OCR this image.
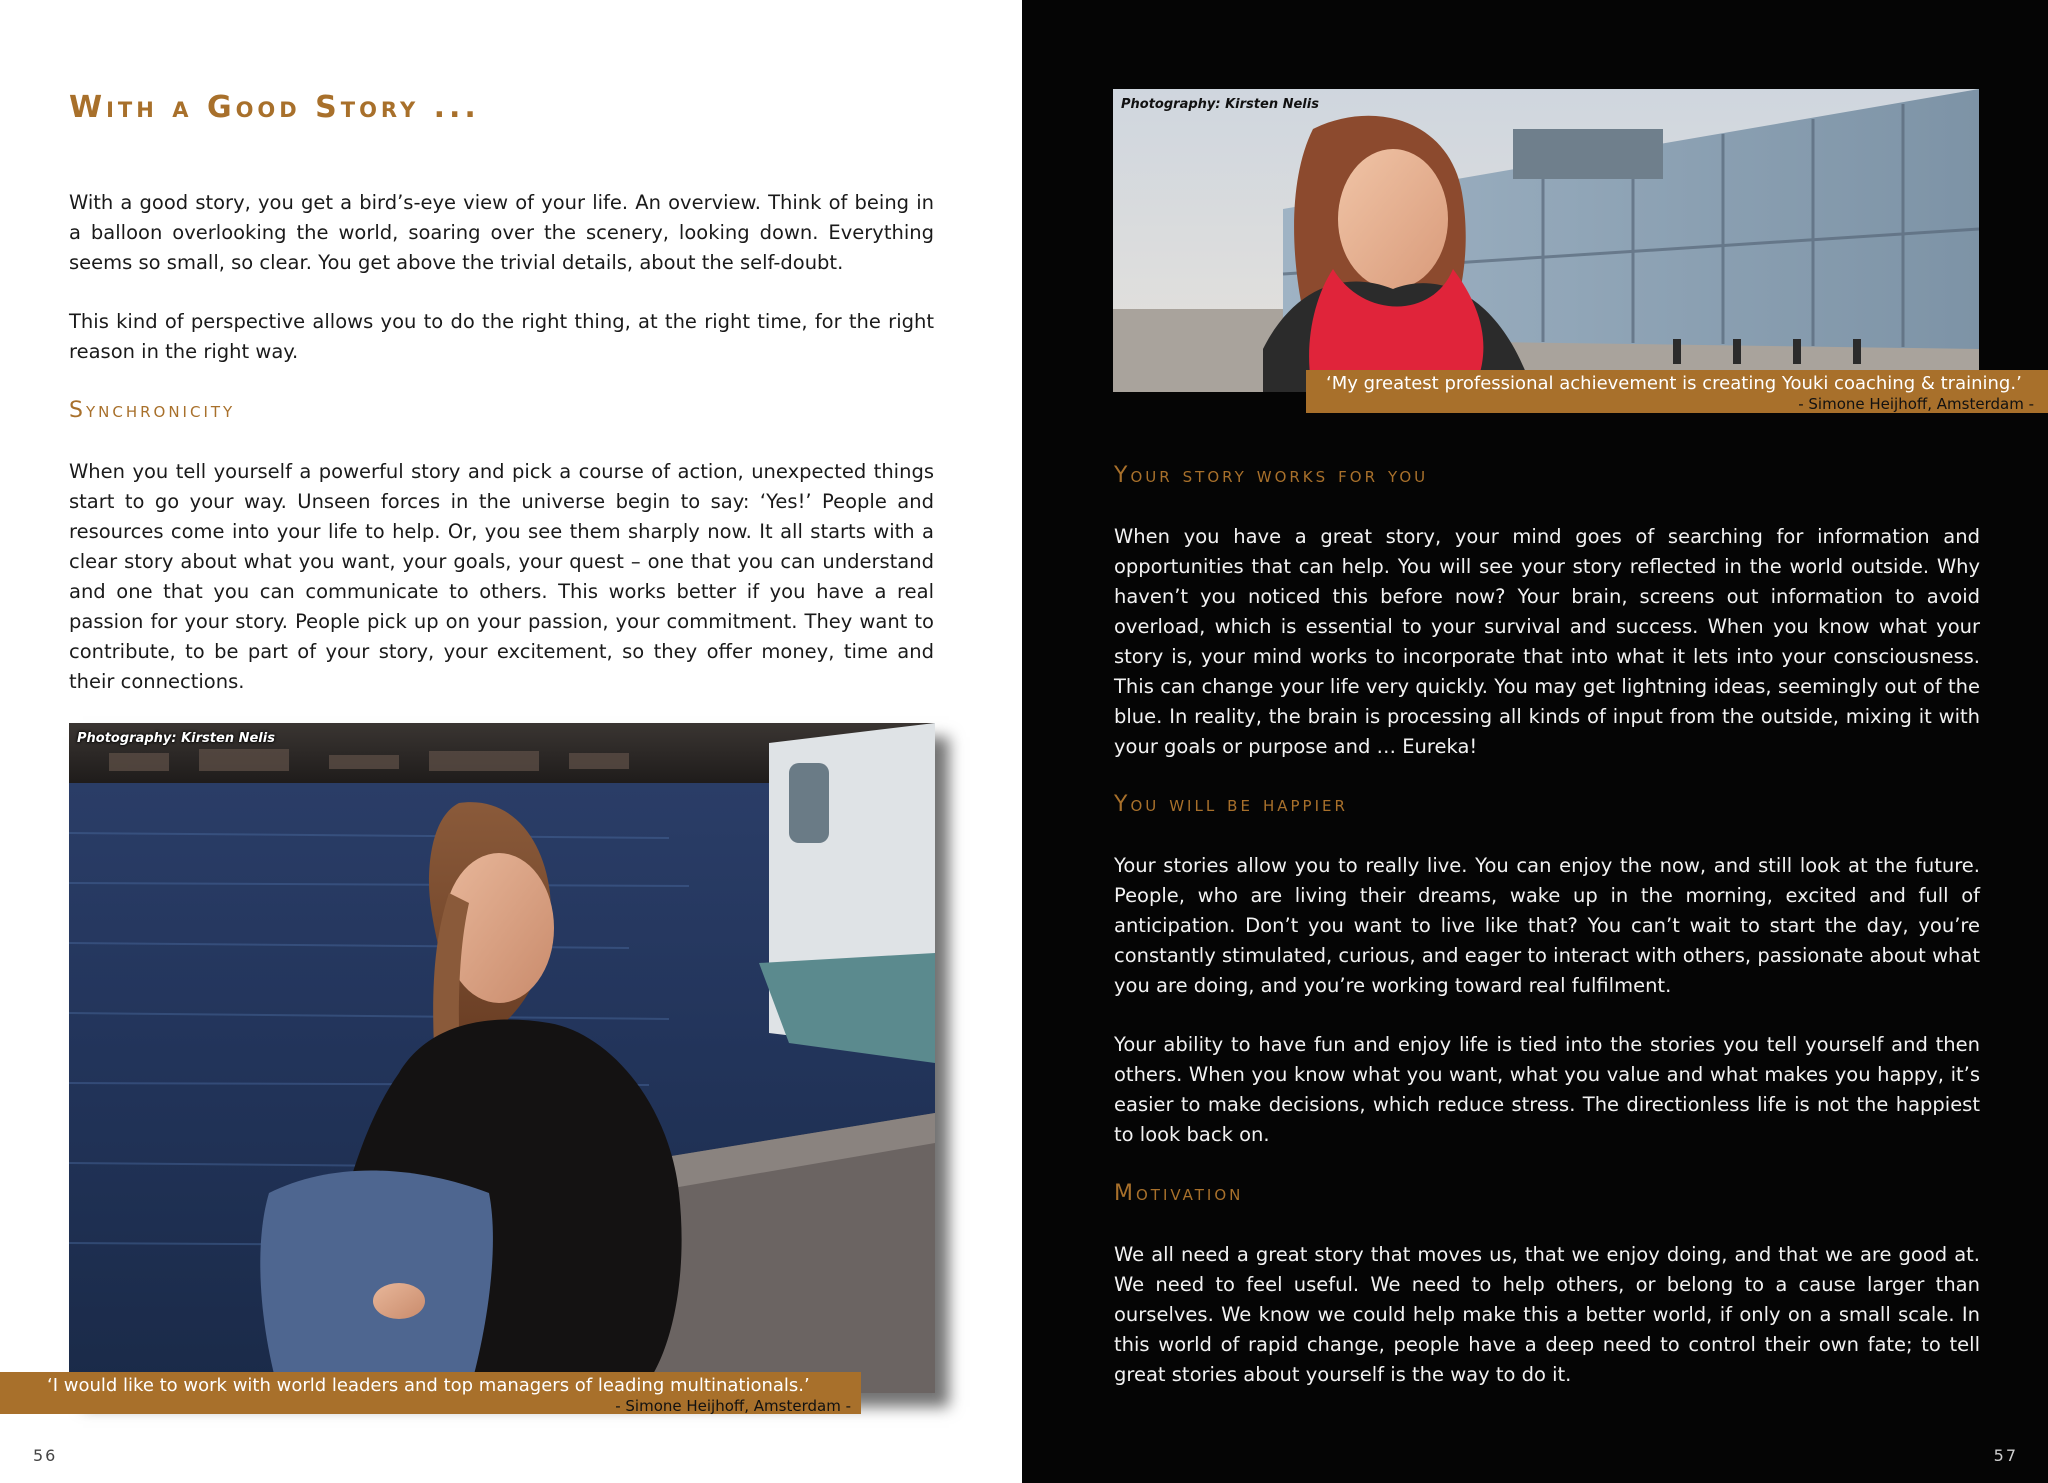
With a Good Story ...

With a good story, you get a bird’s-eye view of your life. An overview. Think of being in a balloon overlooking the world, soaring over the scenery, looking down. Everything seems so small, so clear. You get above the trivial details, about the self-doubt.

This kind of perspective allows you to do the right thing, at the right time, for the right reason in the right way.

Synchronicity

When you tell yourself a powerful story and pick a course of action, unexpected things start to go your way. Unseen forces in the universe begin to say: ‘Yes!’ People and resources come into your life to help. Or, you see them sharply now. It all starts with a clear story about what you want, your goals, your quest – one that you can understand and one that you can communicate to others. This works better if you have a real passion for your story. People pick up on your passion, your commitment. They want to contribute, to be part of your story, your excitement, so they offer money, time and their connections.

Photography: Kirsten Nelis
‘I would like to work with world leaders and top managers of leading multinationals.’
- Simone Heijhoff, Amsterdam -
56
Photography: Kirsten Nelis
‘My greatest professional achievement is creating Youki coaching & training.’
- Simone Heijhoff, Amsterdam -
Your story works for you

When you have a great story, your mind goes of searching for information and opportunities that can help. You will see your story reflected in the world outside. Why haven’t you noticed this before now? Your brain, screens out information to avoid overload, which is essential to your survival and success. When you know what your story is, your mind works to incorporate that into what it lets into your consciousness. This can change your life very quickly. You may get lightning ideas, seemingly out of the blue. In reality, the brain is processing all kinds of input from the outside, mixing it with your goals or purpose and … Eureka!

You will be happier

Your stories allow you to really live. You can enjoy the now, and still look at the future. People, who are living their dreams, wake up in the morning, excited and full of anticipation. Don’t you want to live like that? You can’t wait to start the day, you’re constantly stimulated, curious, and eager to interact with others, passionate about what you are doing, and you’re working toward real fulfilment.

Your ability to have fun and enjoy life is tied into the stories you tell yourself and then others. When you know what you want, what you value and what makes you happy, it’s easier to make decisions, which reduce stress. The directionless life is not the happiest to look back on.

Motivation

We all need a great story that moves us, that we enjoy doing, and that we are good at. We need to feel useful. We need to help others, or belong to a cause larger than ourselves. We know we could help make this a better world, if only on a small scale. In this world of rapid change, people have a deep need to control their own fate; to tell great stories about yourself is the way to do it.

57
